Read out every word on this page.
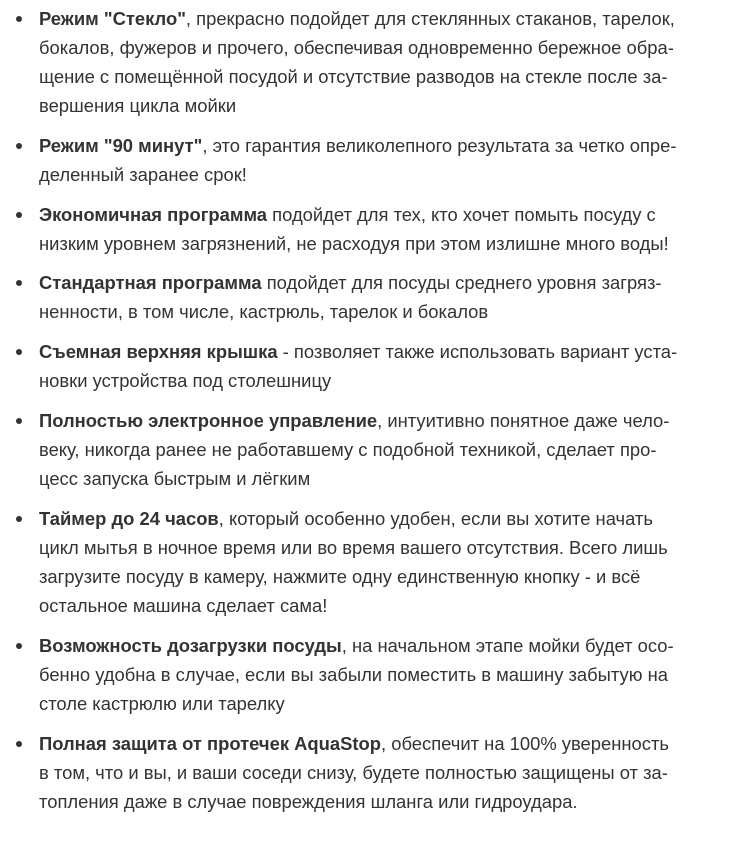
Режим "Стекло", прекрасно подойдет для стеклянных стаканов, тарелок,
бокалов, фужеров и прочего, обеспечивая одновременно бережное обра-
щение с помещённой посудой и отсутствие разводов на стекле после за-
вершения цикла мойки
Режим "90 минут", это гарантия великолепного результата за четко опре-
деленный заранее срок!
Экономичная программа подойдет для тех, кто хочет помыть посуду с
низким уровнем загрязнений, не расходуя при этом излишне много воды!
Стандартная программа подойдет для посуды среднего уровня загряз-
ненности, в том числе, кастрюль, тарелок и бокалов
Съемная верхняя крышка - позволяет также использовать вариант уста-
новки устройства под столешницу
Полностью электронное управление, интуитивно понятное даже чело-
веку, никогда ранее не работавшему с подобной техникой, сделает про-
цесс запуска быстрым и лёгким
Таймер до 24 часов, который особенно удобен, если вы хотите начать
цикл мытья в ночное время или во время вашего отсутствия. Всего лишь
загрузите посуду в камеру, нажмите одну единственную кнопку - и всё
остальное машина сделает сама!
Возможность дозагрузки посуды, на начальном этапе мойки будет осо-
бенно удобна в случае, если вы забыли поместить в машину забытую на
столе кастрюлю или тарелку
Полная защита от протечек AquaStop, обеспечит на 100% уверенность
в том, что и вы, и ваши соседи снизу, будете полностью защищены от за-
топления даже в случае повреждения шланга или гидроудара.
